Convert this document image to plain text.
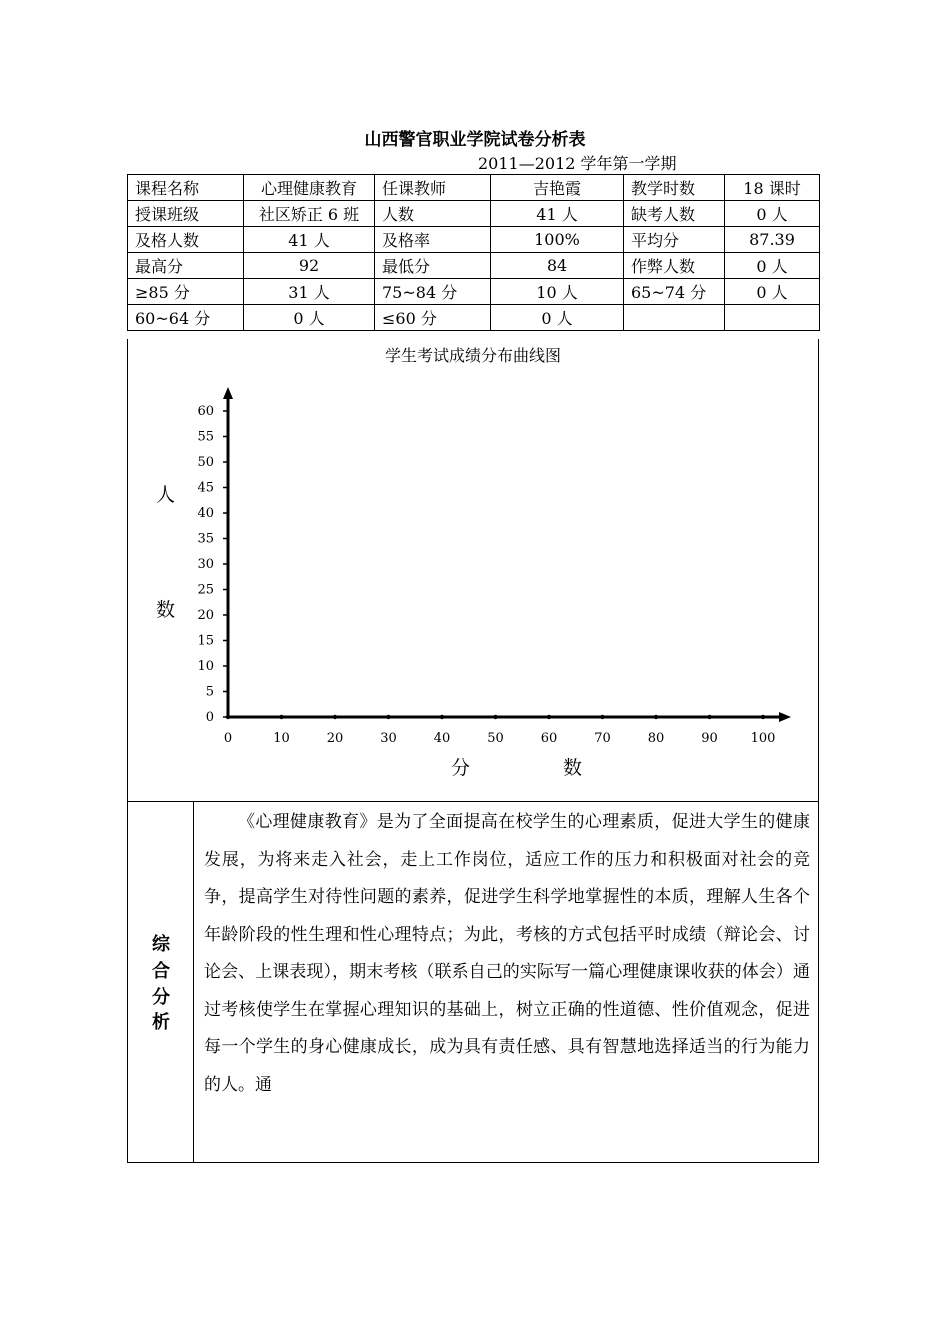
山西警官职业学院试卷分析表
2011—2012 学年第一学期
课程名称	心理健康教育	任课教师	吉艳霞	教学时数	18 课时
授课班级	社区矫正 6 班	人数	41 人	缺考人数	0 人
及格人数	41 人	及格率	100%	平均分	87.39
最高分	92	最低分	84	作弊人数	0 人
≥85 分	31 人	75~84 分	10 人	65~74 分	0 人
60~64 分	0 人	≤60 分	0 人		
学生考试成绩分布曲线图
0	10	20	30	40	50	60	70	80	90	100
0
5
10
15
20
25
30
35
40
45
50
55
60
人
数
分	数
综
合
分
析
《心理健康教育》是为了全面提高在校学生的心理素质，促进大学生的健康发展，为将来走入社会，走上工作岗位，适应工作的压力和积极面对社会的竞争，提高学生对待性问题的素养，促进学生科学地掌握性的本质，理解人生各个年龄阶段的性生理和性心理特点；为此，考核的方式包括平时成绩（辩论会、讨论会、上课表现），期末考核（联系自己的实际写一篇心理健康课收获的体会）通过考核使学生在掌握心理知识的基础上，树立正确的性道德、性价值观念，促进每一个学生的身心健康成长，成为具有责任感、具有智慧地选择适当的行为能力的人。通
